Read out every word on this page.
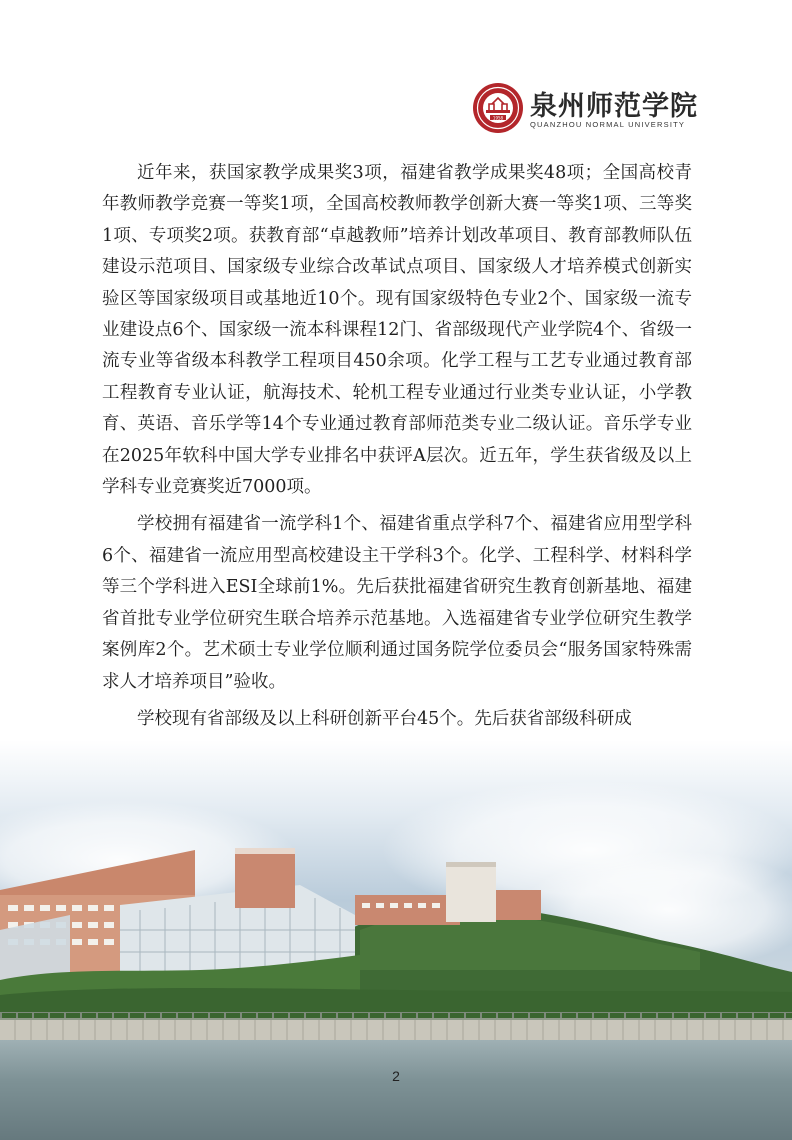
1958 泉州师范学院
QUANZHOU NORMAL UNIVERSITY

近年来，获国家教学成果奖3项，福建省教学成果奖48项；全国高校青年教师教学竞赛一等奖1项，全国高校教师教学创新大赛一等奖1项、三等奖1项、专项奖2项。获教育部“卓越教师”培养计划改革项目、教育部教师队伍建设示范项目、国家级专业综合改革试点项目、国家级人才培养模式创新实验区等国家级项目或基地近10个。现有国家级特色专业2个、国家级一流专业建设点6个、国家级一流本科课程12门、省部级现代产业学院4个、省级一流专业等省级本科教学工程项目450余项。化学工程与工艺专业通过教育部工程教育专业认证，航海技术、轮机工程专业通过行业类专业认证，小学教育、英语、音乐学等14个专业通过教育部师范类专业二级认证。音乐学专业在2025年软科中国大学专业排名中获评A层次。近五年，学生获省级及以上学科专业竞赛奖近7000项。

学校拥有福建省一流学科1个、福建省重点学科7个、福建省应用型学科6个、福建省一流应用型高校建设主干学科3个。化学、工程科学、材料科学等三个学科进入ESI全球前1%。先后获批福建省研究生教育创新基地、福建省首批专业学位研究生联合培养示范基地。入选福建省专业学位研究生教学案例库2个。艺术硕士专业学位顺利通过国务院学位委员会“服务国家特殊需求人才培养项目”验收。

学校现有省部级及以上科研创新平台45个。先后获省部级科研成

2
